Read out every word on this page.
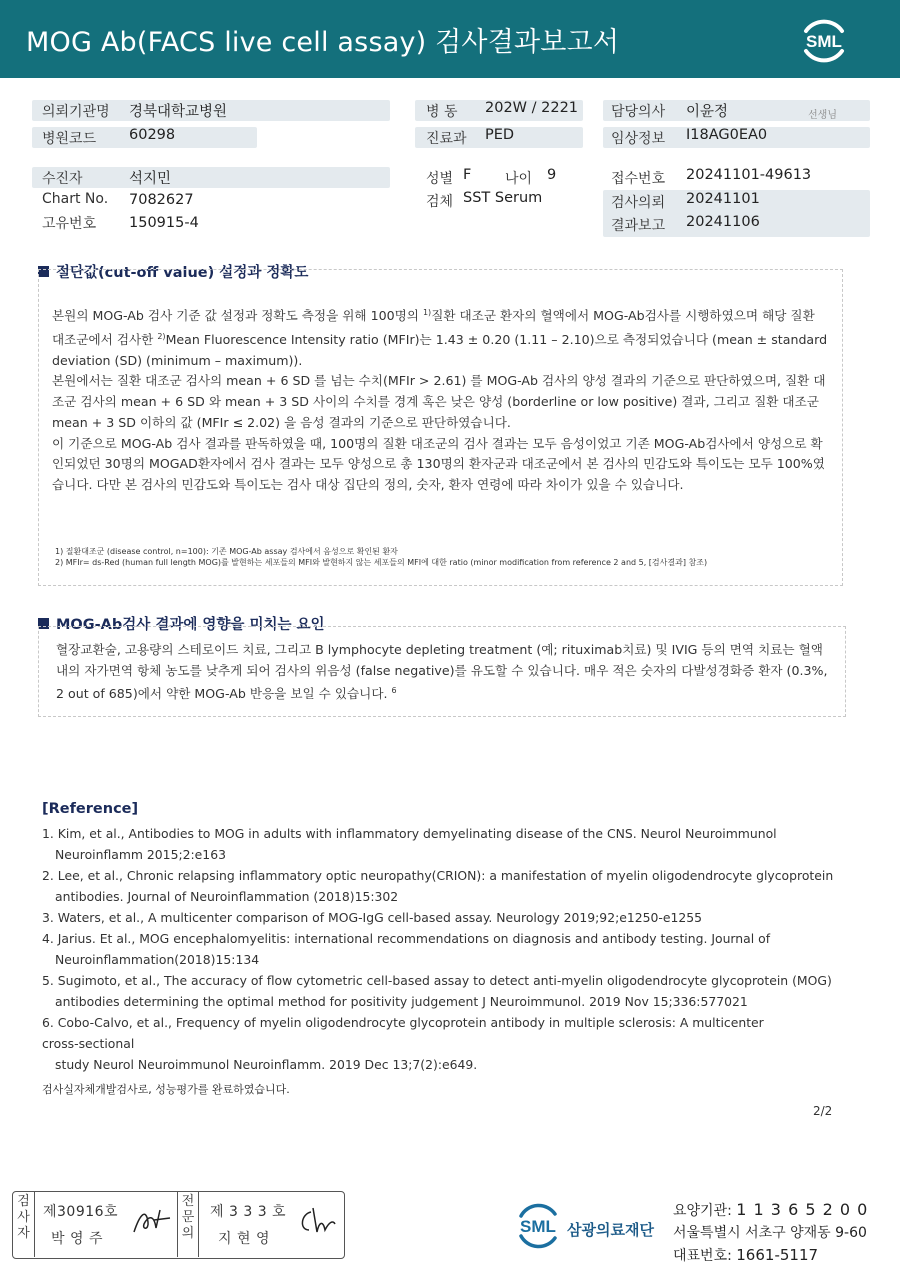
MOG Ab(FACS live cell assay) 검사결과보고서	SML
의뢰기관명 경북대학교병원
병원코드 60298
병 동 202W / 2221
진료과 PED
담당의사 이윤정	선생님
임상정보 I18AG0EA0
수진자	석지민
Chart No. 7082627
고유번호 150915-4
성별 F 나이 9
검체 SST Serum
접수번호 20241101-49613
검사의뢰 20241101
결과보고 20241106
절단값(cut-off value) 설정과 정확도

본원의 MOG-Ab 검사 기준 값 설정과 정확도 측정을 위해 100명의 $^{1)}$질환 대조군 환자의 혈액에서 MOG-Ab검사를 시행하였으며 해당 질환 대조군에서 검사한 $^{2)}$Mean Fluorescence Intensity ratio (MFIr)는 1.43 ± 0.20 (1.11 – 2.10)으로 측정되었습니다 (mean ± standard deviation (SD) (minimum – maximum)).

본원에서는 질환 대조군 검사의 mean + 6 SD 를 넘는 수치(MFIr > 2.61) 를 MOG-Ab 검사의 양성 결과의 기준으로 판단하였으며, 질환 대조군 검사의 mean + 6 SD 와 mean + 3 SD 사이의 수치를 경계 혹은 낮은 양성 (borderline or low positive) 결과, 그리고 질환 대조군 mean + 3 SD 이하의 값 (MFIr ≤ 2.02) 을 음성 결과의 기준으로 판단하였습니다.

이 기준으로 MOG-Ab 검사 결과를 판독하였을 때, 100명의 질환 대조군의 검사 결과는 모두 음성이었고 기존 MOG-Ab검사에서 양성으로 확인되었던 30명의 MOGAD환자에서 검사 결과는 모두 양성으로 총 130명의 환자군과 대조군에서 본 검사의 민감도와 특이도는 모두 100%였습니다. 다만 본 검사의 민감도와 특이도는 검사 대상 집단의 정의, 숫자, 환자 연령에 따라 차이가 있을 수 있습니다.

1) 질환대조군 (disease control, n=100): 기존 MOG-Ab assay 검사에서 음성으로 확인된 환자
2) MFIr= ds-Red (human full length MOG)를 발현하는 세포들의 MFI와 발현하지 않는 세포들의 MFI에 대한 ratio (minor modification from reference 2 and 5, [검사결과] 참조)
MOG-Ab검사 결과에 영향을 미치는 요인

혈장교환술, 고용량의 스테로이드 치료, 그리고 B lymphocyte depleting treatment (예; rituximab치료) 및 IVIG 등의 면역 치료는 혈액 내의 자가면역 항체 농도를 낮추게 되어 검사의 위음성 (false negative)를 유도할 수 있습니다. 매우 적은 숫자의 다발성경화증 환자 (0.3%, 2 out of 685)에서 약한 MOG-Ab 반응을 보일 수 있습니다. $^6$

[Reference]
1. Kim, et al., Antibodies to MOG in adults with inflammatory demyelinating disease of the CNS. Neurol Neuroimmunol Neuroinflamm 2015;2:e163
2. Lee, et al., Chronic relapsing inflammatory optic neuropathy(CRION): a manifestation of myelin oligodendrocyte glycoprotein antibodies. Journal of Neuroinflammation (2018)15:302
3. Waters, et al., A multicenter comparison of MOG-IgG cell-based assay. Neurology 2019;92;e1250-e1255
4. Jarius. Et al., MOG encephalomyelitis: international recommendations on diagnosis and antibody testing. Journal of Neuroinflammation(2018)15:134
5. Sugimoto, et al., The accuracy of flow cytometric cell-based assay to detect anti-myelin oligodendrocyte glycoprotein (MOG) antibodies determining the optimal method for positivity judgement J Neuroimmunol. 2019 Nov 15;336:577021
6. Cobo-Calvo, et al., Frequency of myelin oligodendrocyte glycoprotein antibody in multiple sclerosis: A multicenter
cross-sectional
study Neurol Neuroimmunol Neuroinflamm. 2019 Dec 13;7(2):e649.
검사실자체개발검사로, 성능평가를 완료하였습니다.
2/2
검
사
자
제30916호
박 영 주
전
문
의
제 3 3 3 호
지 현 영
SML 삼광의료재단
요양기관: 1 1 3 6 5 2 0 0
서울특별시 서초구 양재동 9-60
대표번호: 1661-5117
